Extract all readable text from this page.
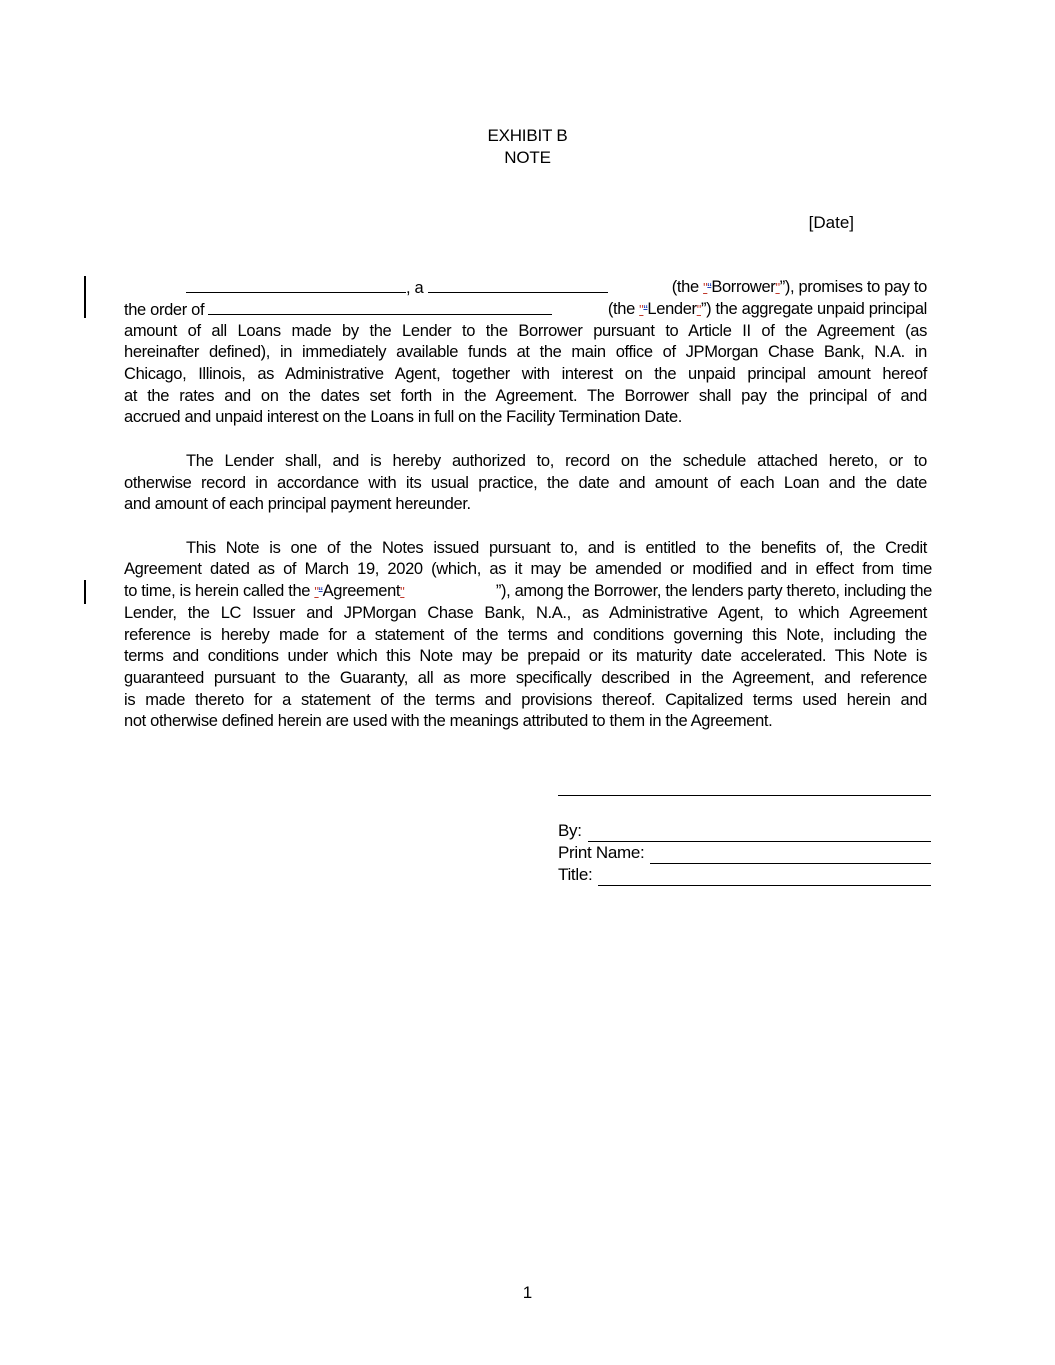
EXHIBIT B
NOTE
[Date]
, a	(the "“Borrower"”), promises to pay to
the order of	(the "“Lender"”) the aggregate unpaid principal
amount of all Loans made by the Lender to the Borrower pursuant to Article II of the Agreement (as
hereinafter defined), in immediately available funds at the main office of JPMorgan Chase Bank, N.A. in
Chicago, Illinois, as Administrative Agent, together with interest on the unpaid principal amount hereof
at the rates and on the dates set forth in the Agreement. The Borrower shall pay the principal of and
accrued and unpaid interest on the Loans in full on the Facility Termination Date.
The Lender shall, and is hereby authorized to, record on the schedule attached hereto, or to
otherwise record in accordance with its usual practice, the date and amount of each Loan and the date
and amount of each principal payment hereunder.
This Note is one of the Notes issued pursuant to, and is entitled to the benefits of, the Credit
Agreement dated as of March 19, 2020 (which, as it may be amended or modified and in effect from time
to time, is herein called the "“Agreement"	”), among the Borrower, the lenders party thereto, including the
Lender, the LC Issuer and JPMorgan Chase Bank, N.A., as Administrative Agent, to which Agreement
reference is hereby made for a statement of the terms and conditions governing this Note, including the
terms and conditions under which this Note may be prepaid or its maturity date accelerated. This Note is
guaranteed pursuant to the Guaranty, all as more specifically described in the Agreement, and reference
is made thereto for a statement of the terms and provisions thereof. Capitalized terms used herein and
not otherwise defined herein are used with the meanings attributed to them in the Agreement.
By:
Print Name:
Title:
1
